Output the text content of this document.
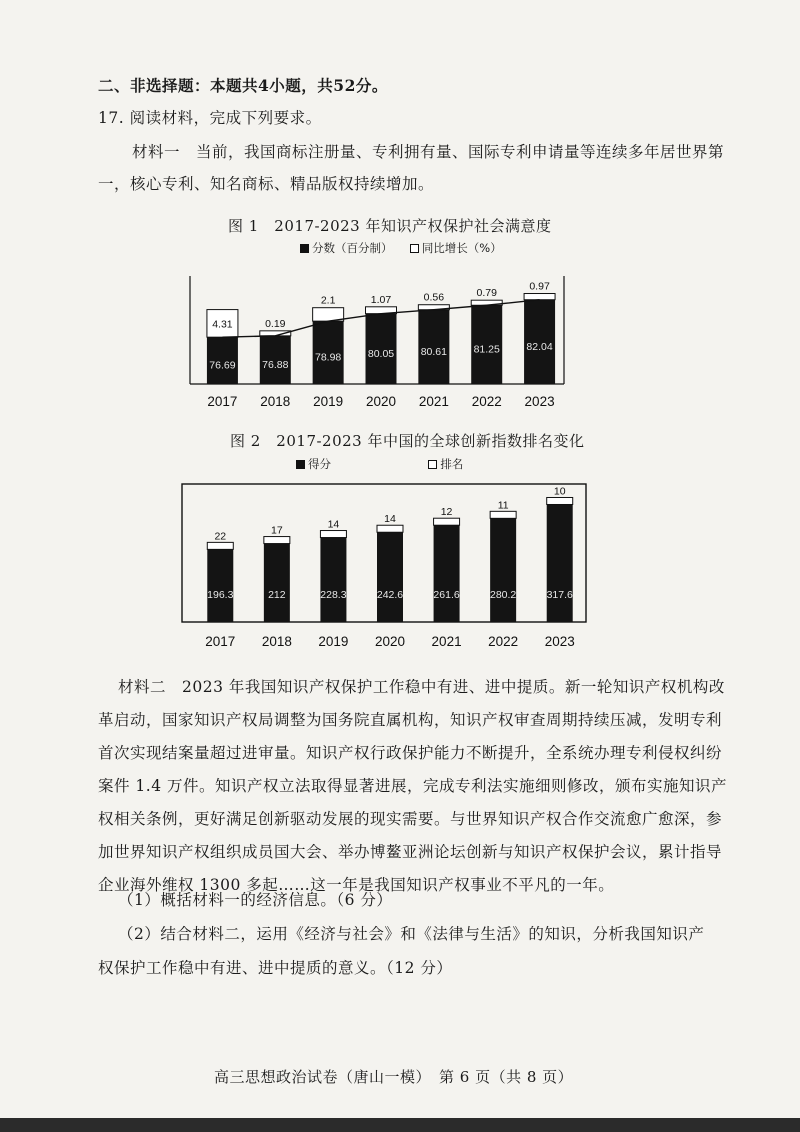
二、非选择题：本题共4小题，共52分。
17. 阅读材料，完成下列要求。
材料一　当前，我国商标注册量、专利拥有量、国际专利申请量等连续多年居世界第
一，核心专利、知名商标、精品版权持续增加。
图 1　2017-2023 年知识产权保护社会满意度
分数（百分制）	同比增长（%）
76.69
4.31
2017
76.88
0.19
2018
78.98
2.1
2019
80.05
1.07
2020
80.61
0.56
2021
81.25
0.79
2022
82.04
0.97
2023
图 2　2017-2023 年中国的全球创新指数排名变化
得分	排名
196.3
22
2017
212
17
2018
228.3
14
2019
242.6
14
2020
261.6
12
2021
280.2
11
2022
317.6
10
2023
材料二　2023 年我国知识产权保护工作稳中有进、进中提质。新一轮知识产权机构改
革启动，国家知识产权局调整为国务院直属机构，知识产权审查周期持续压减，发明专利
首次实现结案量超过进审量。知识产权行政保护能力不断提升，全系统办理专利侵权纠纷
案件 1.4 万件。知识产权立法取得显著进展，完成专利法实施细则修改，颁布实施知识产
权相关条例，更好满足创新驱动发展的现实需要。与世界知识产权合作交流愈广愈深，参
加世界知识产权组织成员国大会、举办博鳌亚洲论坛创新与知识产权保护会议，累计指导
企业海外维权 1300 多起……这一年是我国知识产权事业不平凡的一年。
（1）概括材料一的经济信息。（6 分）
（2）结合材料二，运用《经济与社会》和《法律与生活》的知识，分析我国知识产
权保护工作稳中有进、进中提质的意义。（12 分）
高三思想政治试卷（唐山一模）　第 6 页（共 8 页）
